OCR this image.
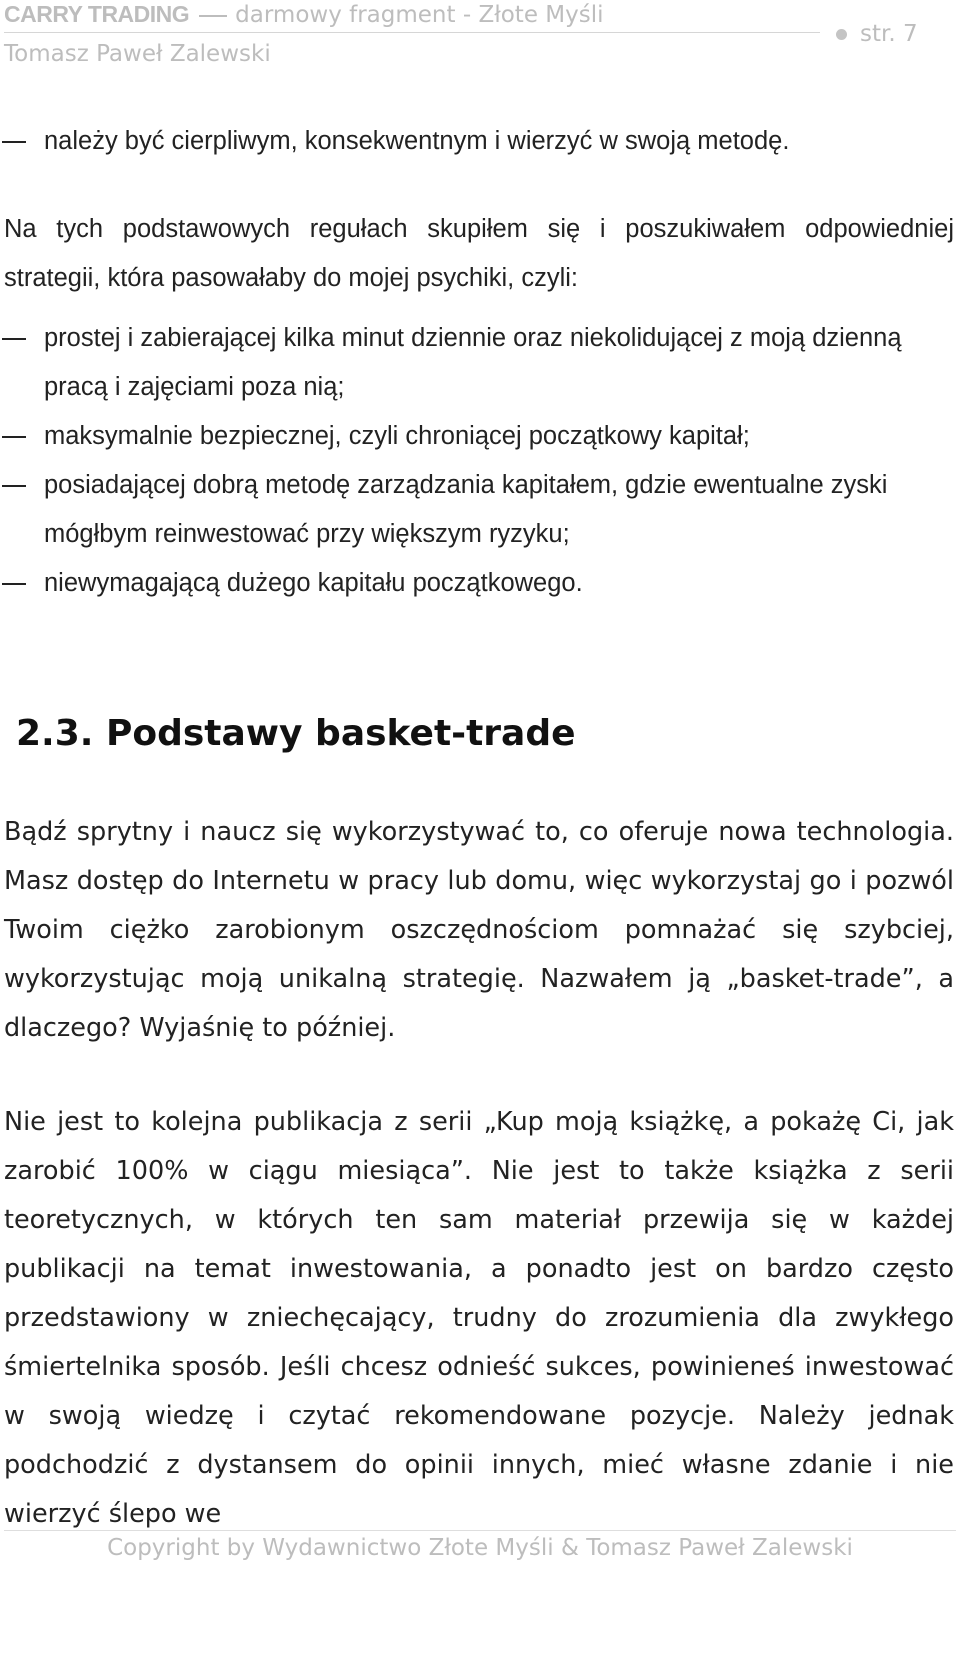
CARRY TRADING darmowy fragment - Złote Myśli
str. 7
Tomasz Paweł Zalewski
należy być cierpliwym, konsekwentnym i wierzyć w swoją metodę.

Na tych podstawowych regułach skupiłem się i poszukiwałem odpowiedniej strategii, która pasowałaby do mojej psychiki, czyli:

prostej i zabierającej kilka minut dziennie oraz niekolidującej z moją dzienną pracą i zajęciami poza nią;
maksymalnie bezpiecznej, czyli chroniącej początkowy kapitał;
posiadającej dobrą metodę zarządzania kapitałem, gdzie ewentualne zyski mógłbym reinwestować przy większym ryzyku;
niewymagającą dużego kapitału początkowego.
2.3. Podstawy basket-trade

Bądź sprytny i naucz się wykorzystywać to, co oferuje nowa technologia. Masz dostęp do Internetu w pracy lub domu, więc wykorzystaj go i pozwól Twoim ciężko zarobionym oszczędnościom pomnażać się szybciej, wykorzystując moją unikalną strategię. Nazwałem ją „basket-trade”, a dlaczego? Wyjaśnię to później.

Nie jest to kolejna publikacja z serii „Kup moją książkę, a pokażę Ci, jak zarobić 100% w ciągu miesiąca”. Nie jest to także książka z serii teoretycznych, w których ten sam materiał przewija się w każdej publikacji na temat inwestowania, a ponadto jest on bardzo często przedstawiony w zniechęcający, trudny do zrozumienia dla zwykłego śmiertelnika sposób. Jeśli chcesz odnieść sukces, powinieneś inwestować w swoją wiedzę i czytać rekomendowane pozycje. Należy jednak podchodzić z dystansem do opinii innych, mieć własne zdanie i nie wierzyć ślepo we

Copyright by Wydawnictwo Złote Myśli & Tomasz Paweł Zalewski
